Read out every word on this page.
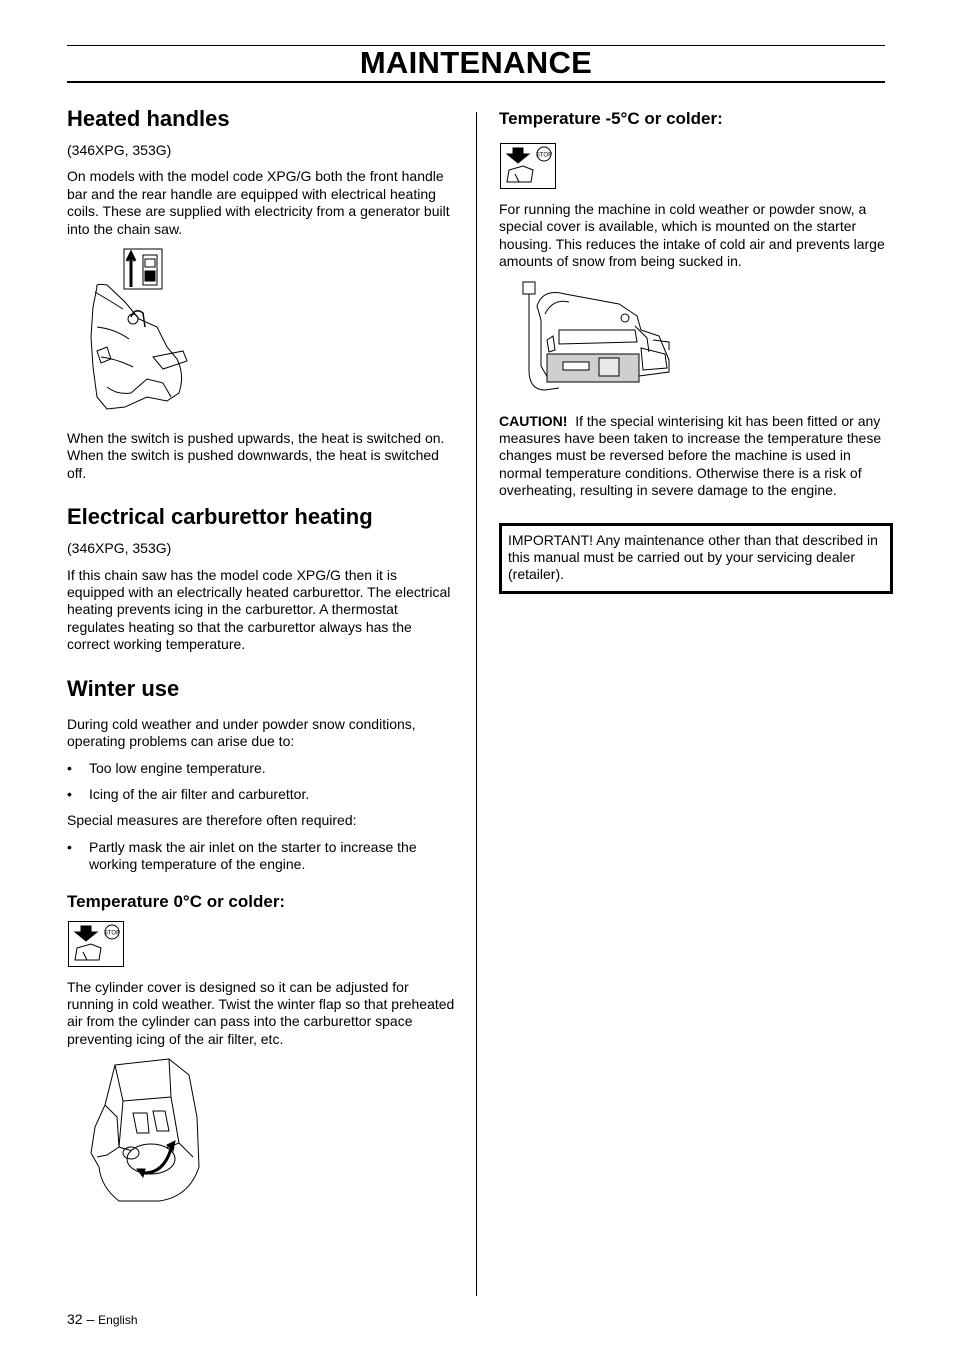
MAINTENANCE
Heated handles

(346XPG, 353G)

On models with the model code XPG/G both the front handle bar and the rear handle are equipped with electrical heating coils. These are supplied with electricity from a generator built into the chain saw.

When the switch is pushed upwards, the heat is switched on. When the switch is pushed downwards, the heat is switched off.

Electrical carburettor heating

(346XPG, 353G)

If this chain saw has the model code XPG/G then it is equipped with an electrically heated carburettor. The electrical heating prevents icing in the carburettor. A thermostat regulates heating so that the carburettor always has the correct working temperature.

Winter use

During cold weather and under powder snow conditions, operating problems can arise due to:

• Too low engine temperature.
• Icing of the air filter and carburettor.

Special measures are therefore often required:

• Partly mask the air inlet on the starter to increase the working temperature of the engine.
Temperature 0°C or colder:
STOP

The cylinder cover is designed so it can be adjusted for running in cold weather. Twist the winter flap so that preheated air from the cylinder can pass into the carburettor space preventing icing of the air filter, etc.

Temperature -5°C or colder:
STOP

For running the machine in cold weather or powder snow, a special cover is available, which is mounted on the starter housing. This reduces the intake of cold air and prevents large amounts of snow from being sucked in.

CAUTION! If the special winterising kit has been fitted or any measures have been taken to increase the temperature these changes must be reversed before the machine is used in normal temperature conditions. Otherwise there is a risk of overheating, resulting in severe damage to the engine.

IMPORTANT! Any maintenance other than that described in this manual must be carried out by your servicing dealer (retailer).
32 – English
